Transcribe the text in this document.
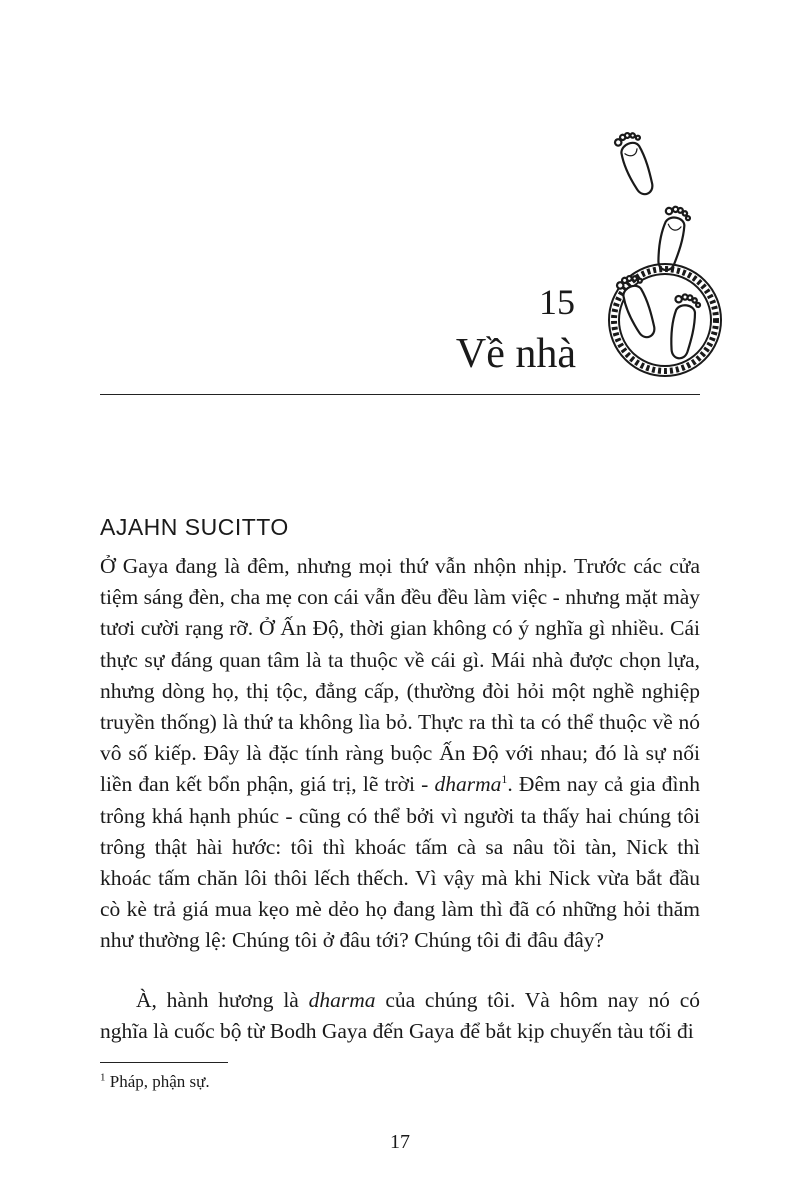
15
Về nhà
AJAHN SUCITTO

Ở Gaya đang là đêm, nhưng mọi thứ vẫn nhộn nhịp. Trước các cửa tiệm sáng đèn, cha mẹ con cái vẫn đều đều làm việc - nhưng mặt mày tươi cười rạng rỡ. Ở Ấn Độ, thời gian không có ý nghĩa gì nhiều. Cái thực sự đáng quan tâm là ta thuộc về cái gì. Mái nhà được chọn lựa, nhưng dòng họ, thị tộc, đẳng cấp, (thường đòi hỏi một nghề nghiệp truyền thống) là thứ ta không lìa bỏ. Thực ra thì ta có thể thuộc về nó vô số kiếp. Đây là đặc tính ràng buộc Ấn Độ với nhau; đó là sự nối liền đan kết bổn phận, giá trị, lẽ trời - dharma$^1$. Đêm nay cả gia đình trông khá hạnh phúc - cũng có thể bởi vì người ta thấy hai chúng tôi trông thật hài hước: tôi thì khoác tấm cà sa nâu tồi tàn, Nick thì khoác tấm chăn lôi thôi lếch thếch. Vì vậy mà khi Nick vừa bắt đầu cò kè trả giá mua kẹo mè dẻo họ đang làm thì đã có những hỏi thăm như thường lệ: Chúng tôi ở đâu tới? Chúng tôi đi đâu đây?

À, hành hương là dharma của chúng tôi. Và hôm nay nó có nghĩa là cuốc bộ từ Bodh Gaya đến Gaya để bắt kịp chuyến tàu tối đi

$^1$ Pháp, phận sự.
17
